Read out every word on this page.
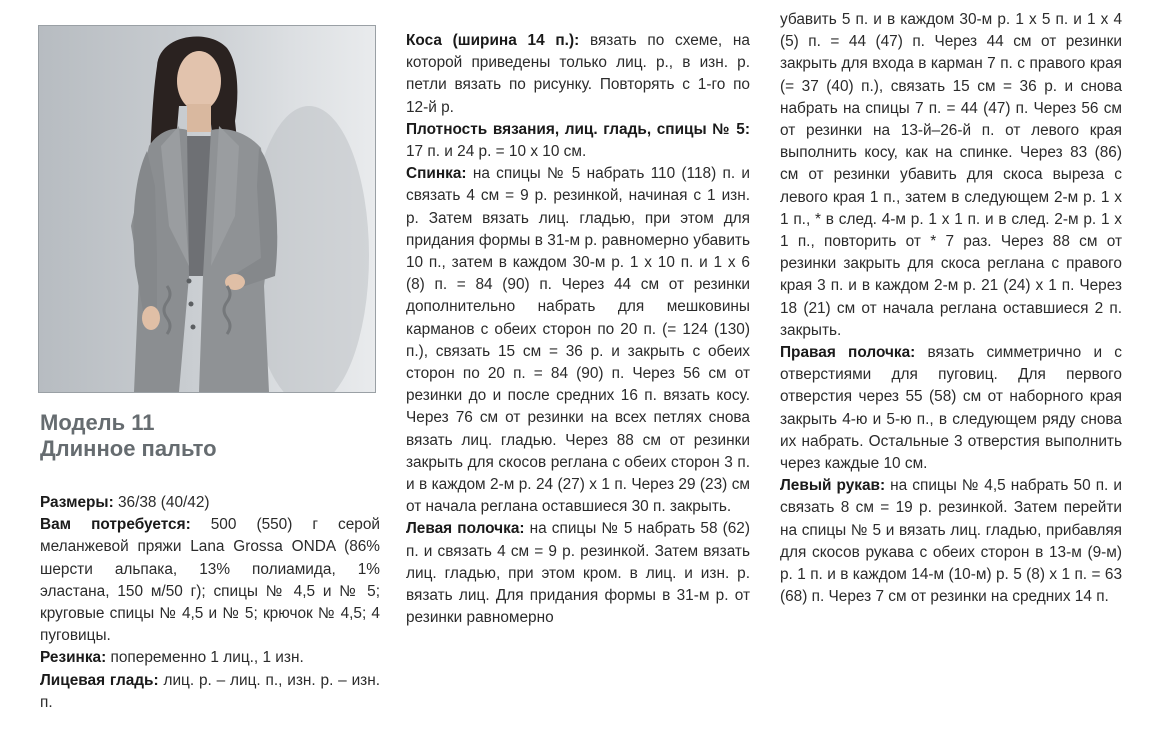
Модель 11
Длинное пальто

Размеры: 36/38 (40/42)

Вам потребуется: 500 (550) г серой меланжевой пряжи Lana Grossa ONDA (86% шерсти альпака, 13% полиамида, 1% эластана, 150 м/50 г); спицы № 4,5 и № 5; круговые спицы № 4,5 и № 5; крючок № 4,5; 4 пуговицы.

Резинка: попеременно 1 лиц., 1 изн.

Лицевая гладь: лиц. р. – лиц. п., изн. р. – изн. п.

Коса (ширина 14 п.): вязать по схеме, на которой приведены только лиц. р., в изн. р. петли вязать по рисунку. Повторять с 1-го по 12-й р.

Плотность вязания, лиц. гладь, спицы № 5: 17 п. и 24 р. = 10 х 10 см.

Спинка: на спицы № 5 набрать 110 (118) п. и связать 4 см = 9 р. резинкой, начиная с 1 изн. р. Затем вязать лиц. гладью, при этом для придания формы в 31-м р. равномерно убавить 10 п., затем в каждом 30-м р. 1 х 10 п. и 1 х 6 (8) п. = 84 (90) п. Через 44 см от резинки дополнительно набрать для мешковины карманов с обеих сторон по 20 п. (= 124 (130) п.), связать 15 см = 36 р. и закрыть с обеих сторон по 20 п. = 84 (90) п. Через 56 см от резинки до и после средних 16 п. вязать косу. Через 76 см от резинки на всех петлях снова вязать лиц. гладью. Через 88 см от резинки закрыть для скосов реглана с обеих сторон 3 п. и в каждом 2-м р. 24 (27) х 1 п. Через 29 (23) см от начала реглана оставшиеся 30 п. закрыть.

Левая полочка: на спицы № 5 набрать 58 (62) п. и связать 4 см = 9 р. резинкой. Затем вязать лиц. гладью, при этом кром. в лиц. и изн. р. вязать лиц. Для придания формы в 31-м р. от резинки равномерно

убавить 5 п. и в каждом 30-м р. 1 х 5 п. и 1 х 4 (5) п. = 44 (47) п. Через 44 см от резинки закрыть для входа в карман 7 п. с правого края (= 37 (40) п.), связать 15 см = 36 р. и снова набрать на спицы 7 п. = 44 (47) п. Через 56 см от резинки на 13-й–26-й п. от левого края выполнить косу, как на спинке. Через 83 (86) см от резинки убавить для скоса выреза с левого края 1 п., затем в следующем 2-м р. 1 х 1 п., * в след. 4-м р. 1 х 1 п. и в след. 2-м р. 1 х 1 п., повторить от * 7 раз. Через 88 см от резинки закрыть для скоса реглана с правого края 3 п. и в каждом 2-м р. 21 (24) х 1 п. Через 18 (21) см от начала реглана оставшиеся 2 п. закрыть.

Правая полочка: вязать симметрично и с отверстиями для пуговиц. Для первого отверстия через 55 (58) см от наборного края закрыть 4-ю и 5-ю п., в следующем ряду снова их набрать. Остальные 3 отверстия выполнить через каждые 10 см.

Левый рукав: на спицы № 4,5 набрать 50 п. и связать 8 см = 19 р. резинкой. Затем перейти на спицы № 5 и вязать лиц. гладью, прибавляя для скосов рукава с обеих сторон в 13-м (9-м) р. 1 п. и в каждом 14-м (10-м) р. 5 (8) х 1 п. = 63 (68) п. Через 7 см от резинки на средних 14 п.
